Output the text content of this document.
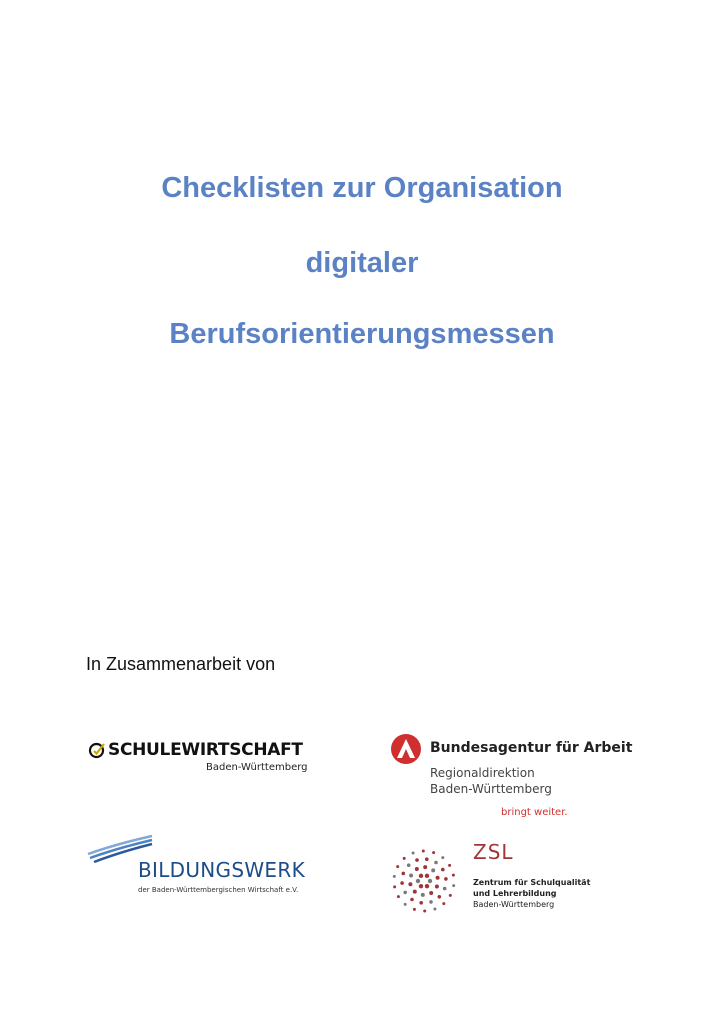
Checklisten zur Organisation
digitaler
Berufsorientierungsmessen
In Zusammenarbeit von
SCHULEWIRTSCHAFT
Baden-Württemberg
Bundesagentur für Arbeit
Regionaldirektion
Baden-Württemberg
bringt weiter.
BILDUNGSWERK
der Baden-Württembergischen Wirtschaft e.V.
ZSL
Zentrum für Schulqualität
und Lehrerbildung
Baden-Württemberg
